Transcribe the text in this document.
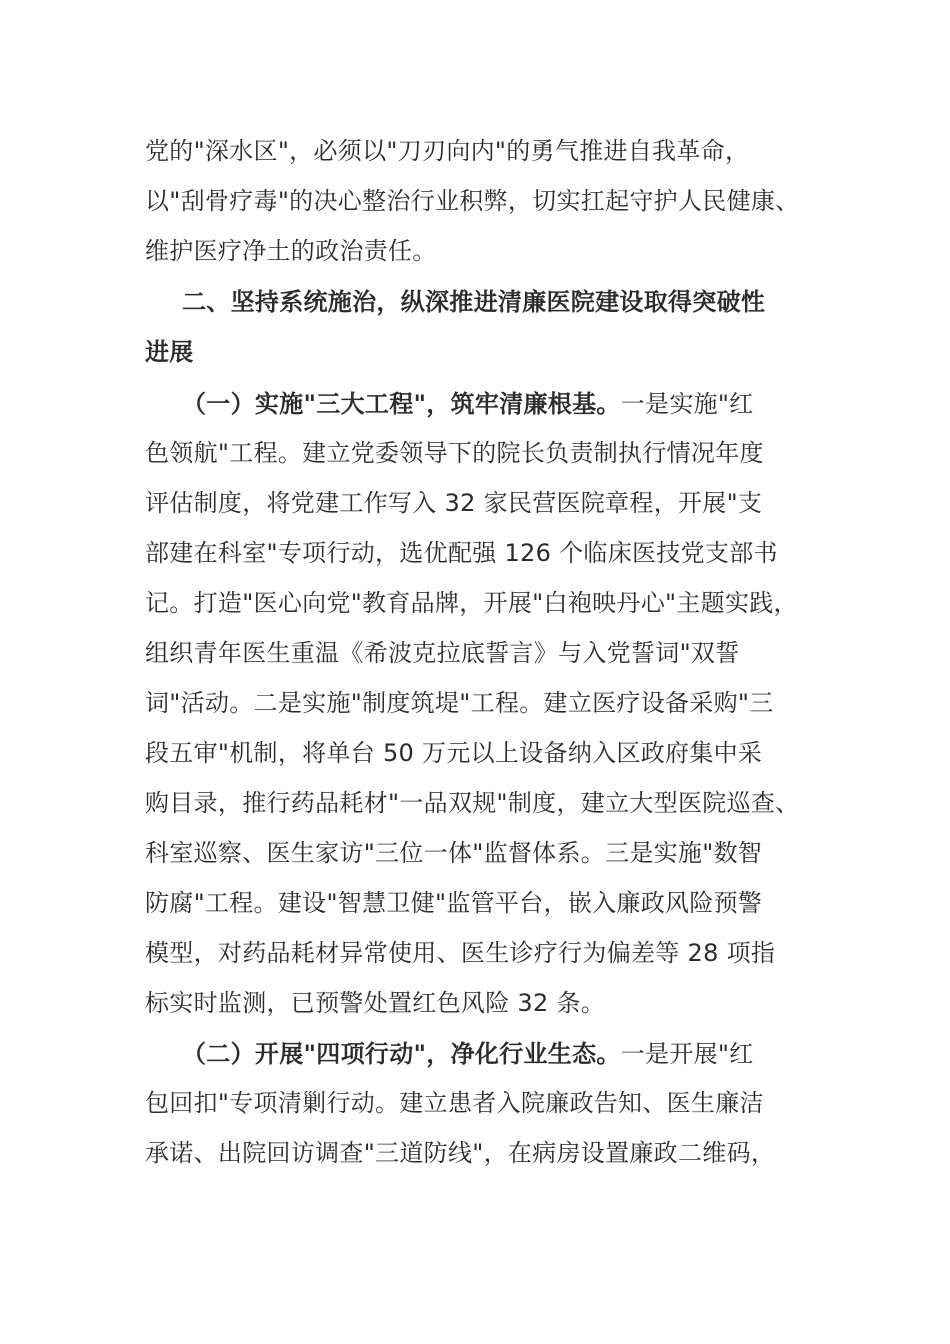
党的"深水区"，必须以"刀刃向内"的勇气推进自我革命，
以"刮骨疗毒"的决心整治行业积弊，切实扛起守护人民健康、
维护医疗净土的政治责任。
二、坚持系统施治，纵深推进清廉医院建设取得突破性
进展
（一）实施"三大工程"，筑牢清廉根基。一是实施"红
色领航"工程。建立党委领导下的院长负责制执行情况年度
评估制度，将党建工作写入 32 家民营医院章程，开展"支
部建在科室"专项行动，选优配强 126 个临床医技党支部书
记。打造"医心向党"教育品牌，开展"白袍映丹心"主题实践，
组织青年医生重温《希波克拉底誓言》与入党誓词"双誓
词"活动。二是实施"制度筑堤"工程。建立医疗设备采购"三
段五审"机制，将单台 50 万元以上设备纳入区政府集中采
购目录，推行药品耗材"一品双规"制度，建立大型医院巡查、
科室巡察、医生家访"三位一体"监督体系。三是实施"数智
防腐"工程。建设"智慧卫健"监管平台，嵌入廉政风险预警
模型，对药品耗材异常使用、医生诊疗行为偏差等 28 项指
标实时监测，已预警处置红色风险 32 条。
（二）开展"四项行动"，净化行业生态。一是开展"红
包回扣"专项清剿行动。建立患者入院廉政告知、医生廉洁
承诺、出院回访调查"三道防线"，在病房设置廉政二维码，
